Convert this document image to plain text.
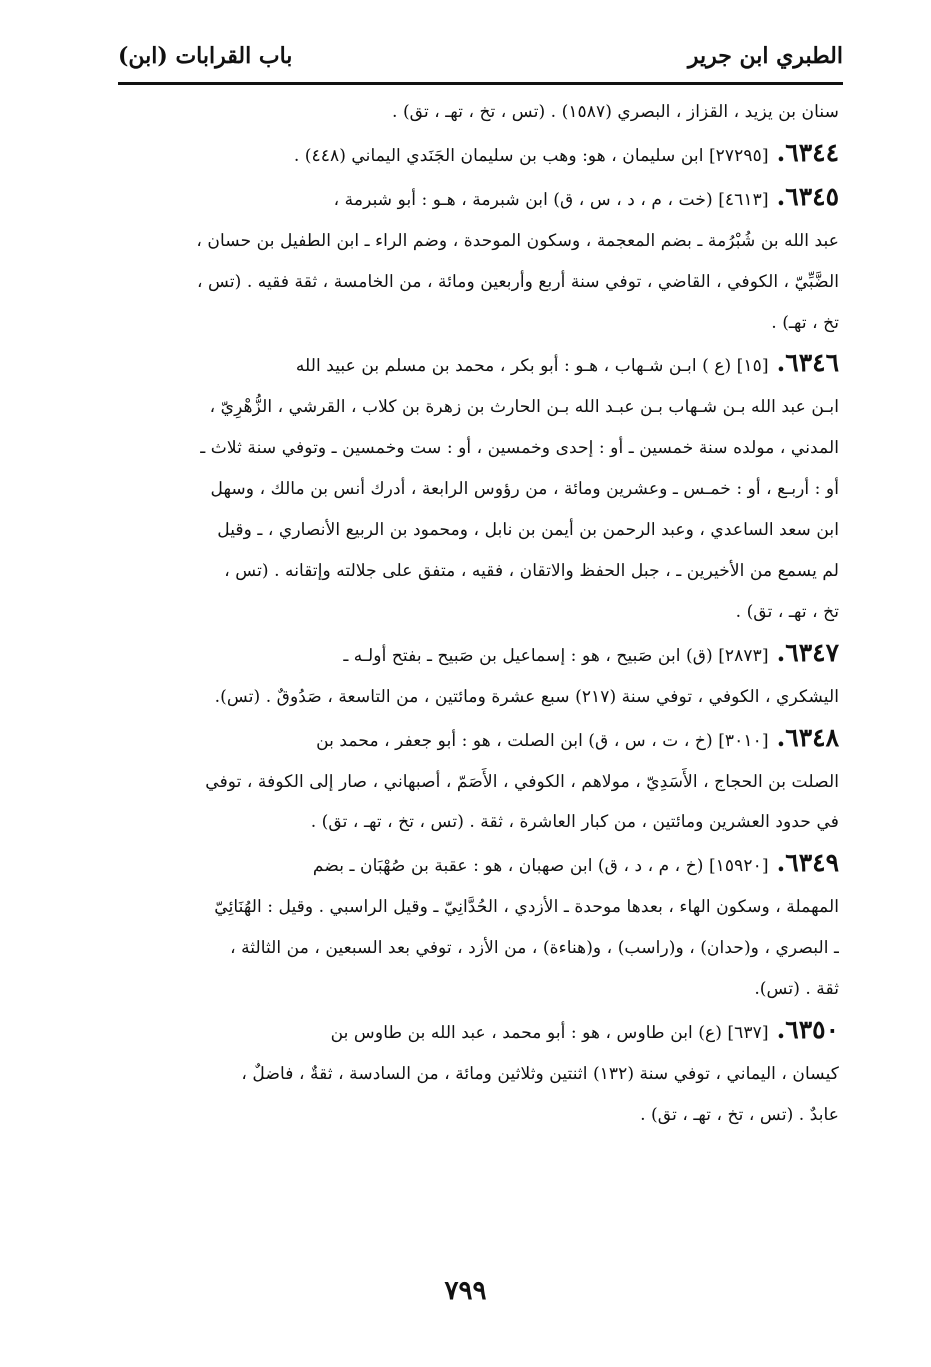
الطبري ابن جرير
باب القرابات (ابن)
سنان بن يزيد ، القزاز ، البصري (١٥٨٧) . (تس ، تخ ، تهـ ، تق) .
٦٣٤٤.[٢٧٢٩٥] ابن سليمان ، هو: وهب بن سليمان الجَنَدي اليماني (٤٤٨) .
٦٣٤٥.[٤٦١٣] (خت ، م ، د ، س ، ق) ابن شبرمة ، هـو : أبو شبرمة ،
عبد الله بن شُبْرُمة ـ بضم المعجمة ، وسكون الموحدة ، وضم الراء ـ ابن الطفيل بن حسان ،
الضَّبِّيّ ، الكوفي ، القاضي ، توفي سنة أربع وأربعين ومائة ، من الخامسة ، ثقة فقيه . (تس ،
تخ ، تهـ) .
٦٣٤٦.[١٥] (ع ) ابـن شـهاب ، هـو : أبو بكر ، محمد بن مسلم بن عبيد الله
ابـن عبد الله بـن شـهاب بـن عبـد الله بـن الحارث بن زهرة بن كلاب ، القرشي ، الزُّهْرِيّ ،
المدني ، مولده سنة خمسين ـ أو : إحدى وخمسين ، أو : ست وخمسين ـ وتوفي سنة ثلاث ـ
أو : أربـع ، أو : خمـس ـ وعشرين ومائة ، من رؤوس الرابعة ، أدرك أنس بن مالك ، وسهل
ابن سعد الساعدي ، وعبد الرحمن بن أيمن بن نابل ، ومحمود بن الربيع الأنصاري ، ـ وقيل
لم يسمع من الأخيرين ـ ، جبل الحفظ والاتقان ، فقيه ، متفق على جلالته وإتقانه . (تس ،
تخ ، تهـ ، تق) .
٦٣٤٧.[٢٨٧٣] (ق) ابن صَبيح ، هو : إسماعيل بن صَبيح ـ بفتح أولـه ـ
اليشكري ، الكوفي ، توفي سنة (٢١٧) سبع عشرة ومائتين ، من التاسعة ، صَدُوقٌ . (تس).
٦٣٤٨.[٣٠١٠] (خ ، ت ، س ، ق) ابن الصلت ، هو : أبو جعفر ، محمد بن
الصلت بن الحجاج ، الأَسَدِيّ ، مولاهم ، الكوفي ، الأَصَمّ ، أصبهاني ، صار إلى الكوفة ، توفي
في حدود العشرين ومائتين ، من كبار العاشرة ، ثقة . (تس ، تخ ، تهـ ، تق) .
٦٣٤٩.[١٥٩٢٠] (خ ، م ، د ، ق) ابن صهبان ، هو : عقبة بن صُهْبَان ـ بضم
المهملة ، وسكون الهاء ، بعدها موحدة ـ الأزدي ، الحُدَّانِيّ ـ وقيل الراسبي . وقيل : الهُنَائِيّ
ـ البصري ، و(حدان) ، و(راسب) ، و(هناءة) ، من الأزد ، توفي بعد السبعين ، من الثالثة ،
ثقة . (تس).
٦٣٥٠.[٦٣٧] (ع) ابن طاوس ، هو : أبو محمد ، عبد الله بن طاوس بن
كيسان ، اليماني ، توفي سنة (١٣٢) اثنتين وثلاثين ومائة ، من السادسة ، ثقةٌ ، فاضلٌ ،
عابدٌ . (تس ، تخ ، تهـ ، تق) .
٧٩٩
